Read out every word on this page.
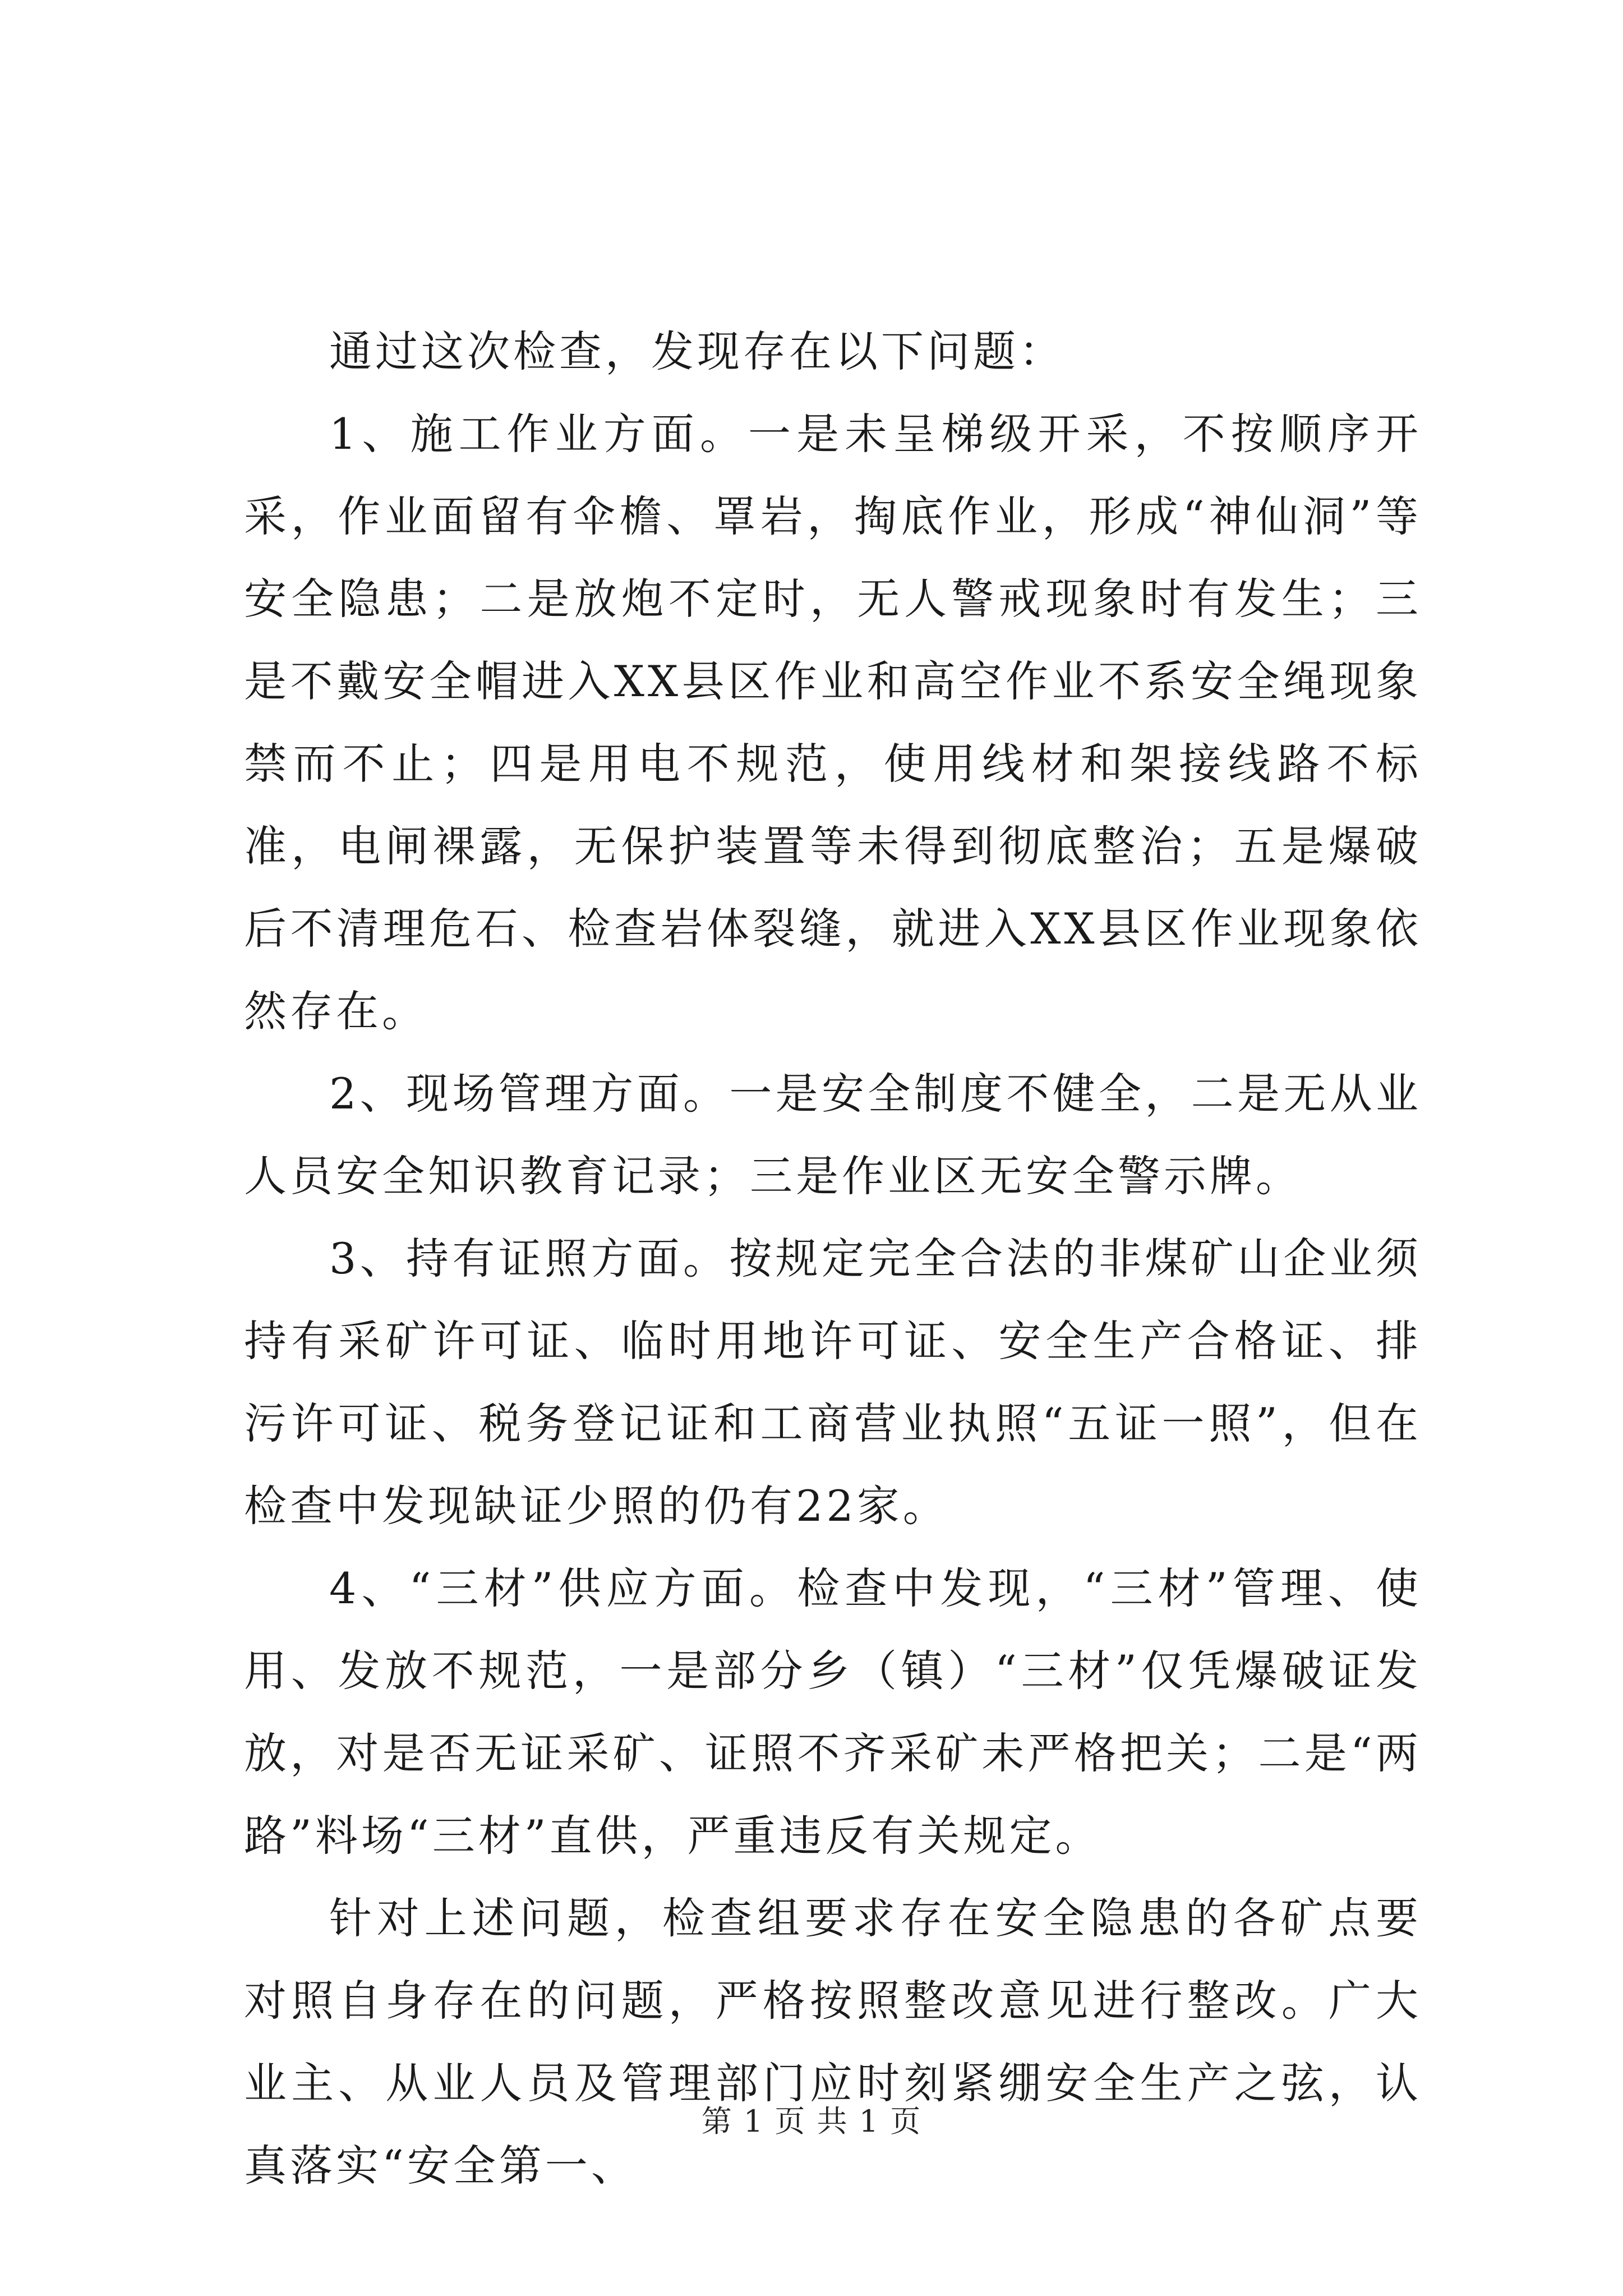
通过这次检查，发现存在以下问题：

1、施工作业方面。一是未呈梯级开采，不按顺序开采，作业面留有伞檐、罩岩，掏底作业，形成“神仙洞”等安全隐患；二是放炮不定时，无人警戒现象时有发生；三是不戴安全帽进入XX县区作业和高空作业不系安全绳现象禁而不止；四是用电不规范，使用线材和架接线路不标准，电闸裸露，无保护装置等未得到彻底整治；五是爆破后不清理危石、检查岩体裂缝，就进入XX县区作业现象依然存在。

2、现场管理方面。一是安全制度不健全，二是无从业人员安全知识教育记录；三是作业区无安全警示牌。

3、持有证照方面。按规定完全合法的非煤矿山企业须持有采矿许可证、临时用地许可证、安全生产合格证、排污许可证、税务登记证和工商营业执照“五证一照”，但在检查中发现缺证少照的仍有22家。

4、“三材”供应方面。检查中发现，“三材”管理、使用、发放不规范，一是部分乡（镇）“三材”仅凭爆破证发放，对是否无证采矿、证照不齐采矿未严格把关；二是“两路”料场“三材”直供，严重违反有关规定。

针对上述问题，检查组要求存在安全隐患的各矿点要对照自身存在的问题，严格按照整改意见进行整改。广大业主、从业人员及管理部门应时刻紧绷安全生产之弦，认真落实“安全第一、

第 1 页 共 1 页
